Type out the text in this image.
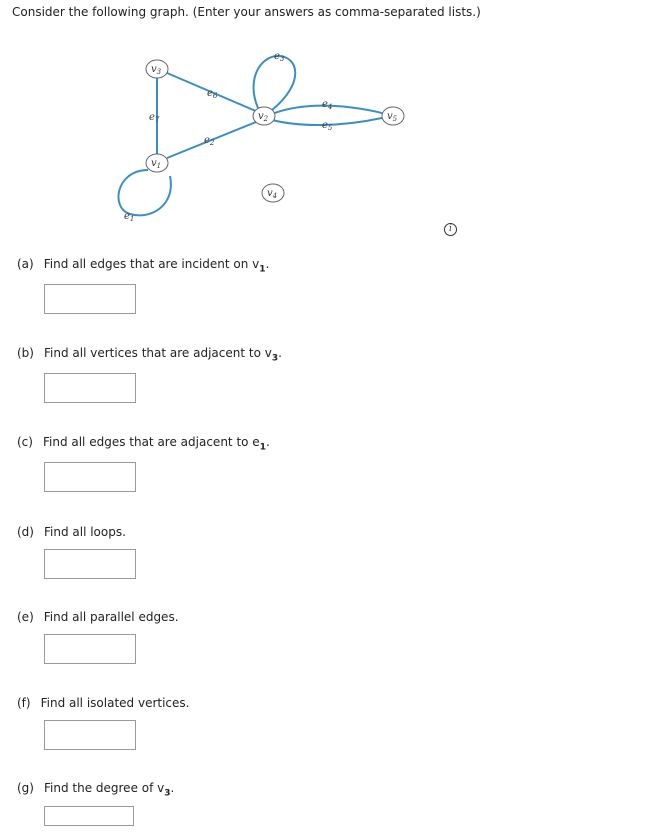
Consider the following graph. (Enter your answers as comma-separated lists.)
$v_3$
$v_1$
$v_2$
$v_4$
$v_5$
$e_1$
$e_2$
$e_3$
$e_4$
$e_5$
$e_6$
$e_7$
i
(a) Find all edges that are incident on $v_1$.
(b) Find all vertices that are adjacent to $v_3$.
(c) Find all edges that are adjacent to $e_1$.
(d) Find all loops.
(e) Find all parallel edges.
(f) Find all isolated vertices.
(g) Find the degree of $v_3$.
